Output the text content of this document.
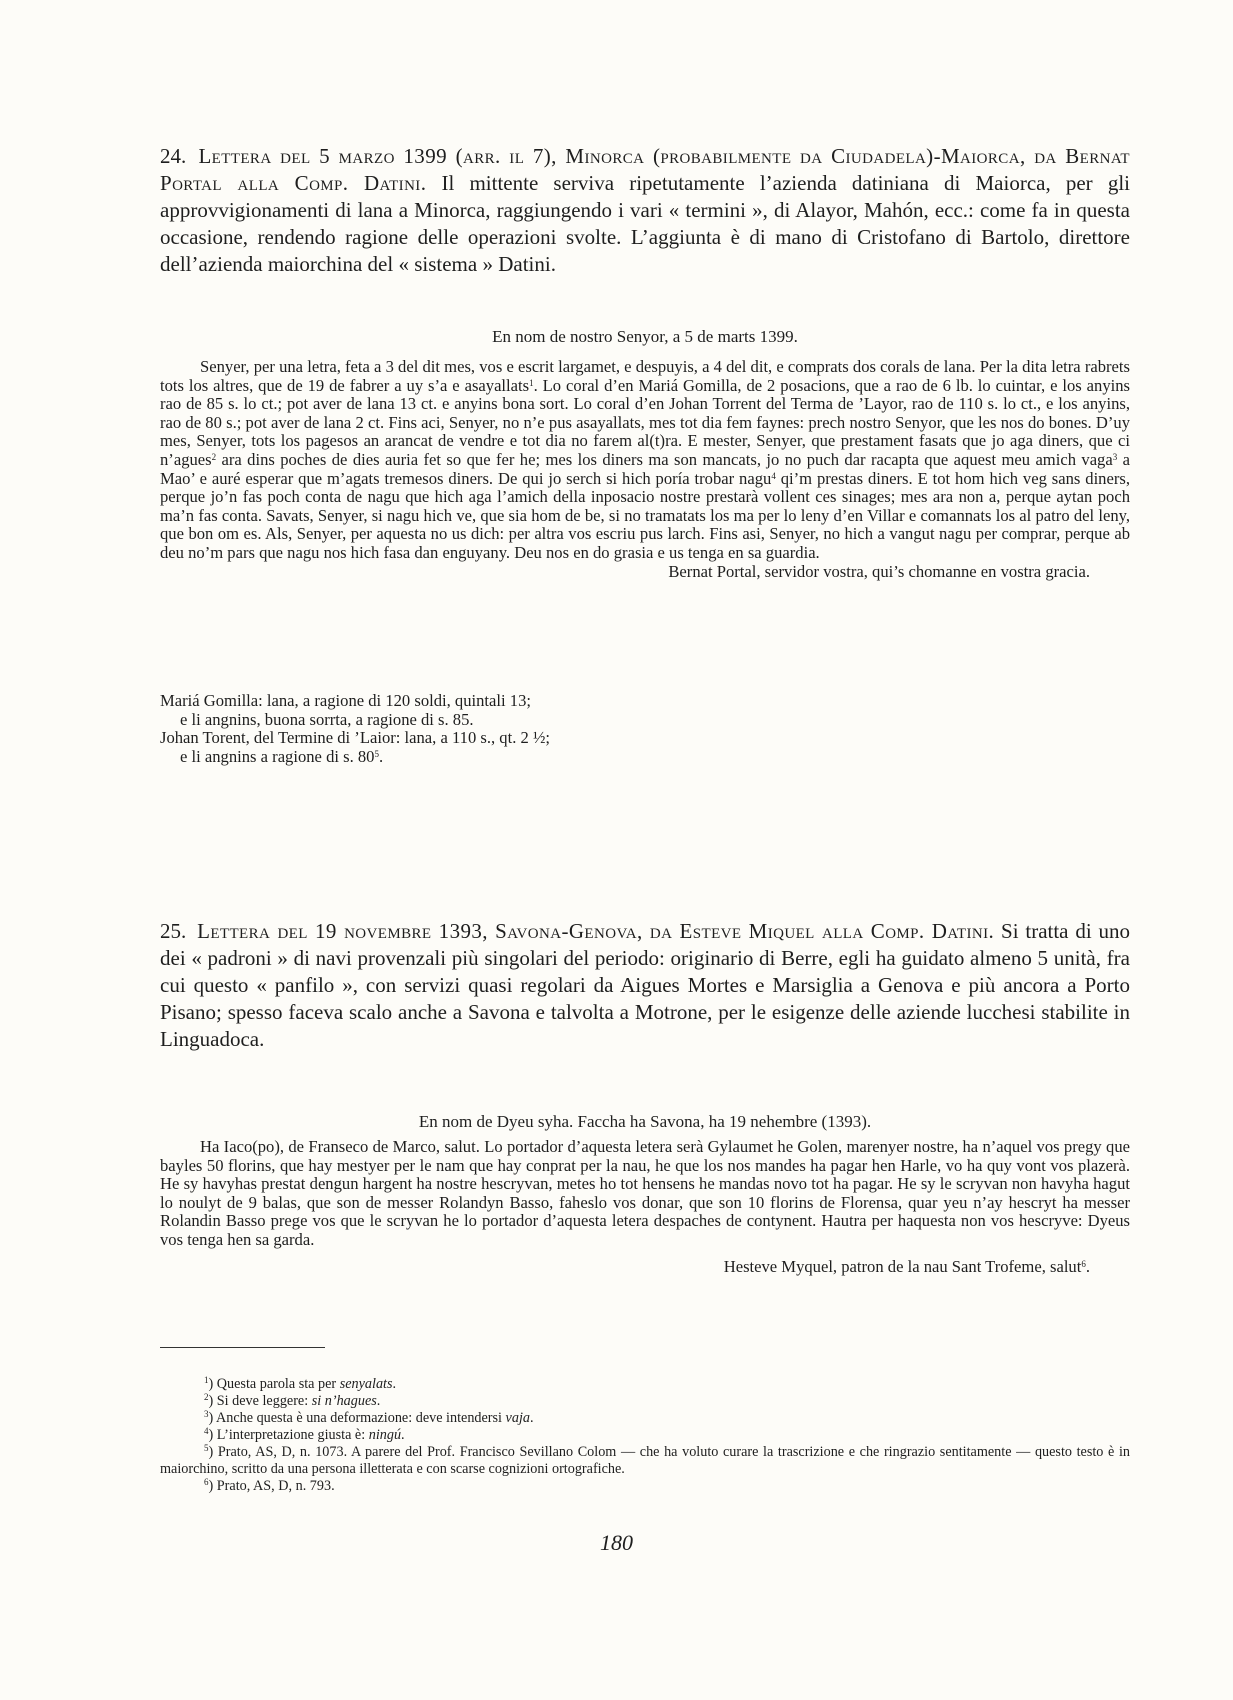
24. Lettera del 5 marzo 1399 (arr. il 7), Minorca (probabilmente da Ciudadela)-Maiorca, da Bernat Portal alla Comp. Datini. Il mittente serviva ripetutamente l’azienda datiniana di Maiorca, per gli approvvigionamenti di lana a Minorca, raggiungendo i vari « termini », di Alayor, Mahón, ecc.: come fa in questa occasione, rendendo ragione delle operazioni svolte. L’aggiunta è di mano di Cristofano di Bartolo, direttore dell’azienda maiorchina del « sistema » Datini.
En nom de nostro Senyor, a 5 de marts 1399.

Senyer, per una letra, feta a 3 del dit mes, vos e escrit largamet, e despuyis, a 4 del dit, e comprats dos corals de lana. Per la dita letra rabrets tots los altres, que de 19 de fabrer a uy s’a e asayallats$^1$. Lo coral d’en Mariá Gomilla, de 2 posacions, que a rao de 6 lb. lo cuintar, e los anyins rao de 85 s. lo ct.; pot aver de lana 13 ct. e anyins bona sort. Lo coral d’en Johan Torrent del Terma de ’Layor, rao de 110 s. lo ct., e los anyins, rao de 80 s.; pot aver de lana 2 ct. Fins aci, Senyer, no n’e pus asayallats, mes tot dia fem faynes: prech nostro Senyor, que les nos do bones. D’uy mes, Senyer, tots los pagesos an arancat de vendre e tot dia no farem al(t)ra. E mester, Senyer, que prestament fasats que jo aga diners, que ci n’agues$^2$ ara dins poches de dies auria fet so que fer he; mes los diners ma son mancats, jo no puch dar racapta que aquest meu amich vaga$^3$ a Mao’ e auré esperar que m’agats tremesos diners. De qui jo serch si hich poría trobar nagu$^4$ qi’m prestas diners. E tot hom hich veg sans diners, perque jo’n fas poch conta de nagu que hich aga l’amich della inposacio nostre prestarà vollent ces sinages; mes ara non a, perque aytan poch ma’n fas conta. Savats, Senyer, si nagu hich ve, que sia hom de be, si no tramatats los ma per lo leny d’en Villar e comannats los al patro del leny, que bon om es. Als, Senyer, per aquesta no us dich: per altra vos escriu pus larch. Fins asi, Senyer, no hich a vangut nagu per comprar, perque ab deu no’m pars que nagu nos hich fasa dan enguyany. Deu nos en do grasia e us tenga en sa guardia.

Bernat Portal, servidor vostra, qui’s chomanne en vostra gracia.

Mariá Gomilla: lana, a ragione di 120 soldi, quintali 13;

e li angnins, buona sorrta, a ragione di s. 85.

Johan Torent, del Termine di ’Laior: lana, a 110 s., qt. 2 ½;

e li angnins a ragione di s. $80^5$.

25. Lettera del 19 novembre 1393, Savona-Genova, da Esteve Miquel alla Comp. Datini. Si tratta di uno dei « padroni » di navi provenzali più singolari del periodo: originario di Berre, egli ha guidato almeno 5 unità, fra cui questo « panfilo », con servizi quasi regolari da Aigues Mortes e Marsiglia a Genova e più ancora a Porto Pisano; spesso faceva scalo anche a Savona e talvolta a Motrone, per le esigenze delle aziende lucchesi stabilite in Linguadoca.
En nom de Dyeu syha. Faccha ha Savona, ha 19 nehembre (1393).

Ha Iaco(po), de Franseco de Marco, salut. Lo portador d’aquesta letera serà Gylaumet he Golen, marenyer nostre, ha n’aquel vos pregy que bayles 50 florins, que hay mestyer per le nam que hay conprat per la nau, he que los nos mandes ha pagar hen Harle, vo ha quy vont vos plazerà. He sy havyhas prestat dengun hargent ha nostre hescryvan, metes ho tot hensens he mandas novo tot ha pagar. He sy le scryvan non havyha hagut lo noulyt de 9 balas, que son de messer Rolandyn Basso, faheslo vos donar, que son 10 florins de Florensa, quar yeu n’ay hescryt ha messer Rolandin Basso prege vos que le scryvan he lo portador d’aquesta letera despaches de contynent. Hautra per haquesta non vos hescryve: Dyeus vos tenga hen sa garda.

Hesteve Myquel, patron de la nau Sant Trofeme, salut$^6$.

$^1$) Questa parola sta per senyalats.

$^2$) Si deve leggere: si n’hagues.

$^3$) Anche questa è una deformazione: deve intendersi vaja.

$^4$) L’interpretazione giusta è: ningú.

$^5$) Prato, AS, D, n. 1073. A parere del Prof. Francisco Sevillano Colom — che ha voluto curare la trascrizione e che ringrazio sentitamente — questo testo è in maiorchino, scritto da una persona illetterata e con scarse cognizioni ortografiche.

$^6$) Prato, AS, D, n. 793.

180
